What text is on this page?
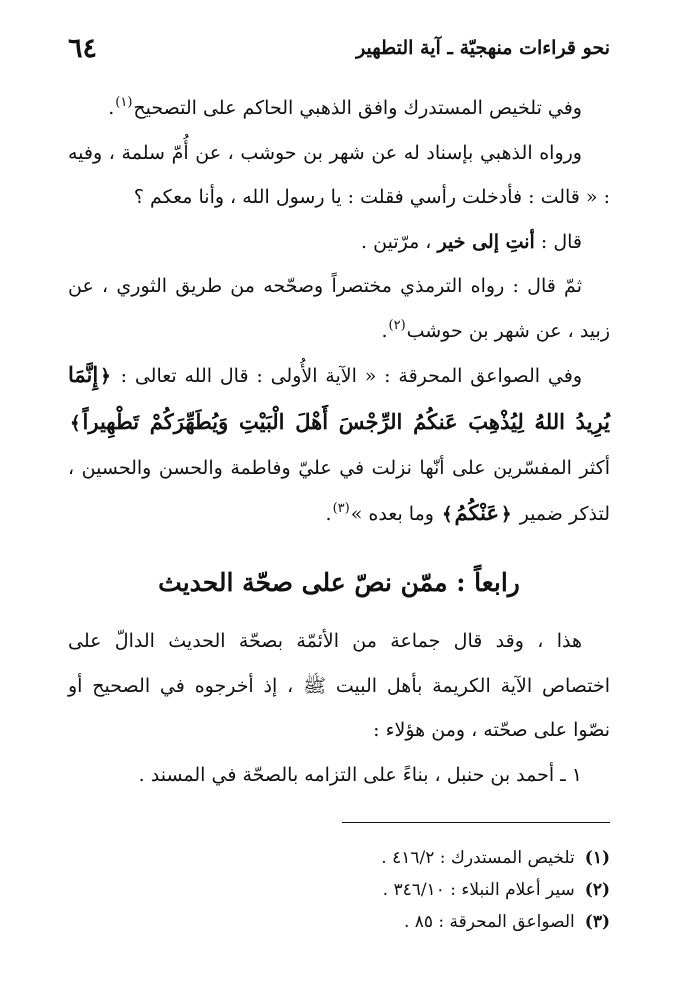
نحو قراءات منهجيّة ـ آية التطهير
٦٤

وفي تلخيص المستدرك وافق الذهبي الحاكم على التصحيح$^{(١)}$.

ورواه الذهبي بإسناد له عن شهر بن حوشب ، عن أُمّ سلمة ، وفيه : « قالت : فأدخلت رأسي فقلت : يا رسول الله ، وأنا معكم ؟

قال : أنتِ إلى خير ، مرّتين .

ثمّ قال : رواه الترمذي مختصراً وصحّحه من طريق الثوري ، عن زبيد ، عن شهر بن حوشب$^{(٢)}$.

وفي الصواعق المحرقة : « الآية الأُولى : قال الله تعالى : ﴿إِنَّمَا يُرِيدُ اللهُ لِيُذْهِبَ عَنكُمُ الرِّجْسَ أَهْلَ الْبَيْتِ وَيُطَهِّرَكُمْ تَطْهِيراً﴾ أكثر المفسّرين على أنّها نزلت في عليّ وفاطمة والحسن والحسين ، لتذكر ضمير ﴿عَنْكُمُ﴾ وما بعده »$^{(٣)}$.

رابعاً : ممّن نصّ على صحّة الحديث

هذا ، وقد قال جماعة من الأئمّة بصحّة الحديث الدالّ على اختصاص الآية الكريمة بأهل البيت ﷺ ، إذ أخرجوه في الصحيح أو نصّوا على صحّته ، ومن هؤلاء :

١ ـ أحمد بن حنبل ، بناءً على التزامه بالصحّة في المسند .

(١)
تلخيص المستدرك : ٤١٦/٢ .
(٢)
سير أعلام النبلاء : ٣٤٦/١٠ .
(٣)
الصواعق المحرقة : ٨٥ .
